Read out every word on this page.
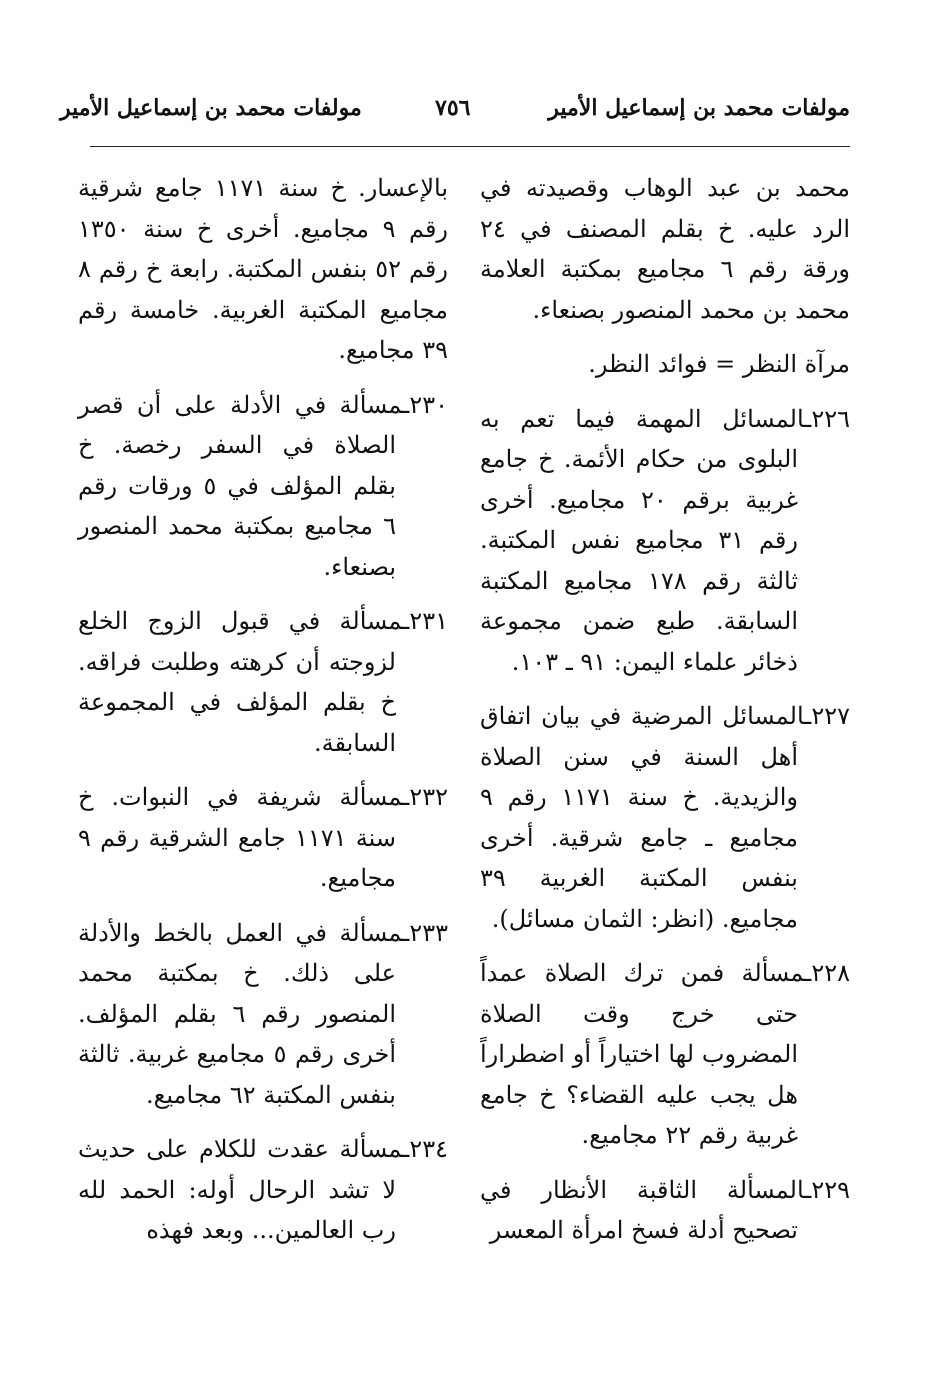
مولفات محمد بن إسماعيل الأمير
٧٥٦
مولفات محمد بن إسماعيل الأمير

محمد بن عبد الوهاب وقصيدته في الرد عليه. خ بقلم المصنف في ٢٤ ورقة رقم ٦ مجاميع بمكتبة العلامة محمد بن محمد المنصور بصنعاء.

مرآة النظر = فوائد النظر.

٢٢٦ـالمسائل المهمة فيما تعم به البلوى من حكام الأئمة. خ جامع غربية برقم ٢٠ مجاميع. أخرى رقم ٣١ مجاميع نفس المكتبة. ثالثة رقم ١٧٨ مجاميع المكتبة السابقة. طبع ضمن مجموعة ذخائر علماء اليمن: ٩١ ـ ١٠٣.

٢٢٧ـالمسائل المرضية في بيان اتفاق أهل السنة في سنن الصلاة والزيدية. خ سنة ١١٧١ رقم ٩ مجاميع ـ جامع شرقية. أخرى بنفس المكتبة الغربية ٣٩ مجاميع. (انظر: الثمان مسائل).

٢٢٨ـمسألة فمن ترك الصلاة عمداً حتى خرج وقت الصلاة المضروب لها اختياراً أو اضطراراً هل يجب عليه القضاء؟ خ جامع غربية رقم ٢٢ مجاميع.

٢٢٩ـالمسألة الثاقبة الأنظار في تصحيح أدلة فسخ امرأة المعسر

بالإعسار. خ سنة ١١٧١ جامع شرقية رقم ٩ مجاميع. أخرى خ سنة ١٣٥٠ رقم ٥٢ بنفس المكتبة. رابعة خ رقم ٨ مجاميع المكتبة الغربية. خامسة رقم ٣٩ مجاميع.

٢٣٠ـمسألة في الأدلة على أن قصر الصلاة في السفر رخصة. خ بقلم المؤلف في ٥ ورقات رقم ٦ مجاميع بمكتبة محمد المنصور بصنعاء.

٢٣١ـمسألة في قبول الزوج الخلع لزوجته أن كرهته وطلبت فراقه. خ بقلم المؤلف في المجموعة السابقة.

٢٣٢ـمسألة شريفة في النبوات. خ سنة ١١٧١ جامع الشرقية رقم ٩ مجاميع.

٢٣٣ـمسألة في العمل بالخط والأدلة على ذلك. خ بمكتبة محمد المنصور رقم ٦ بقلم المؤلف. أخرى رقم ٥ مجاميع غربية. ثالثة بنفس المكتبة ٦٢ مجاميع.

٢٣٤ـمسألة عقدت للكلام على حديث لا تشد الرحال أوله: الحمد لله رب العالمين... وبعد فهذه
